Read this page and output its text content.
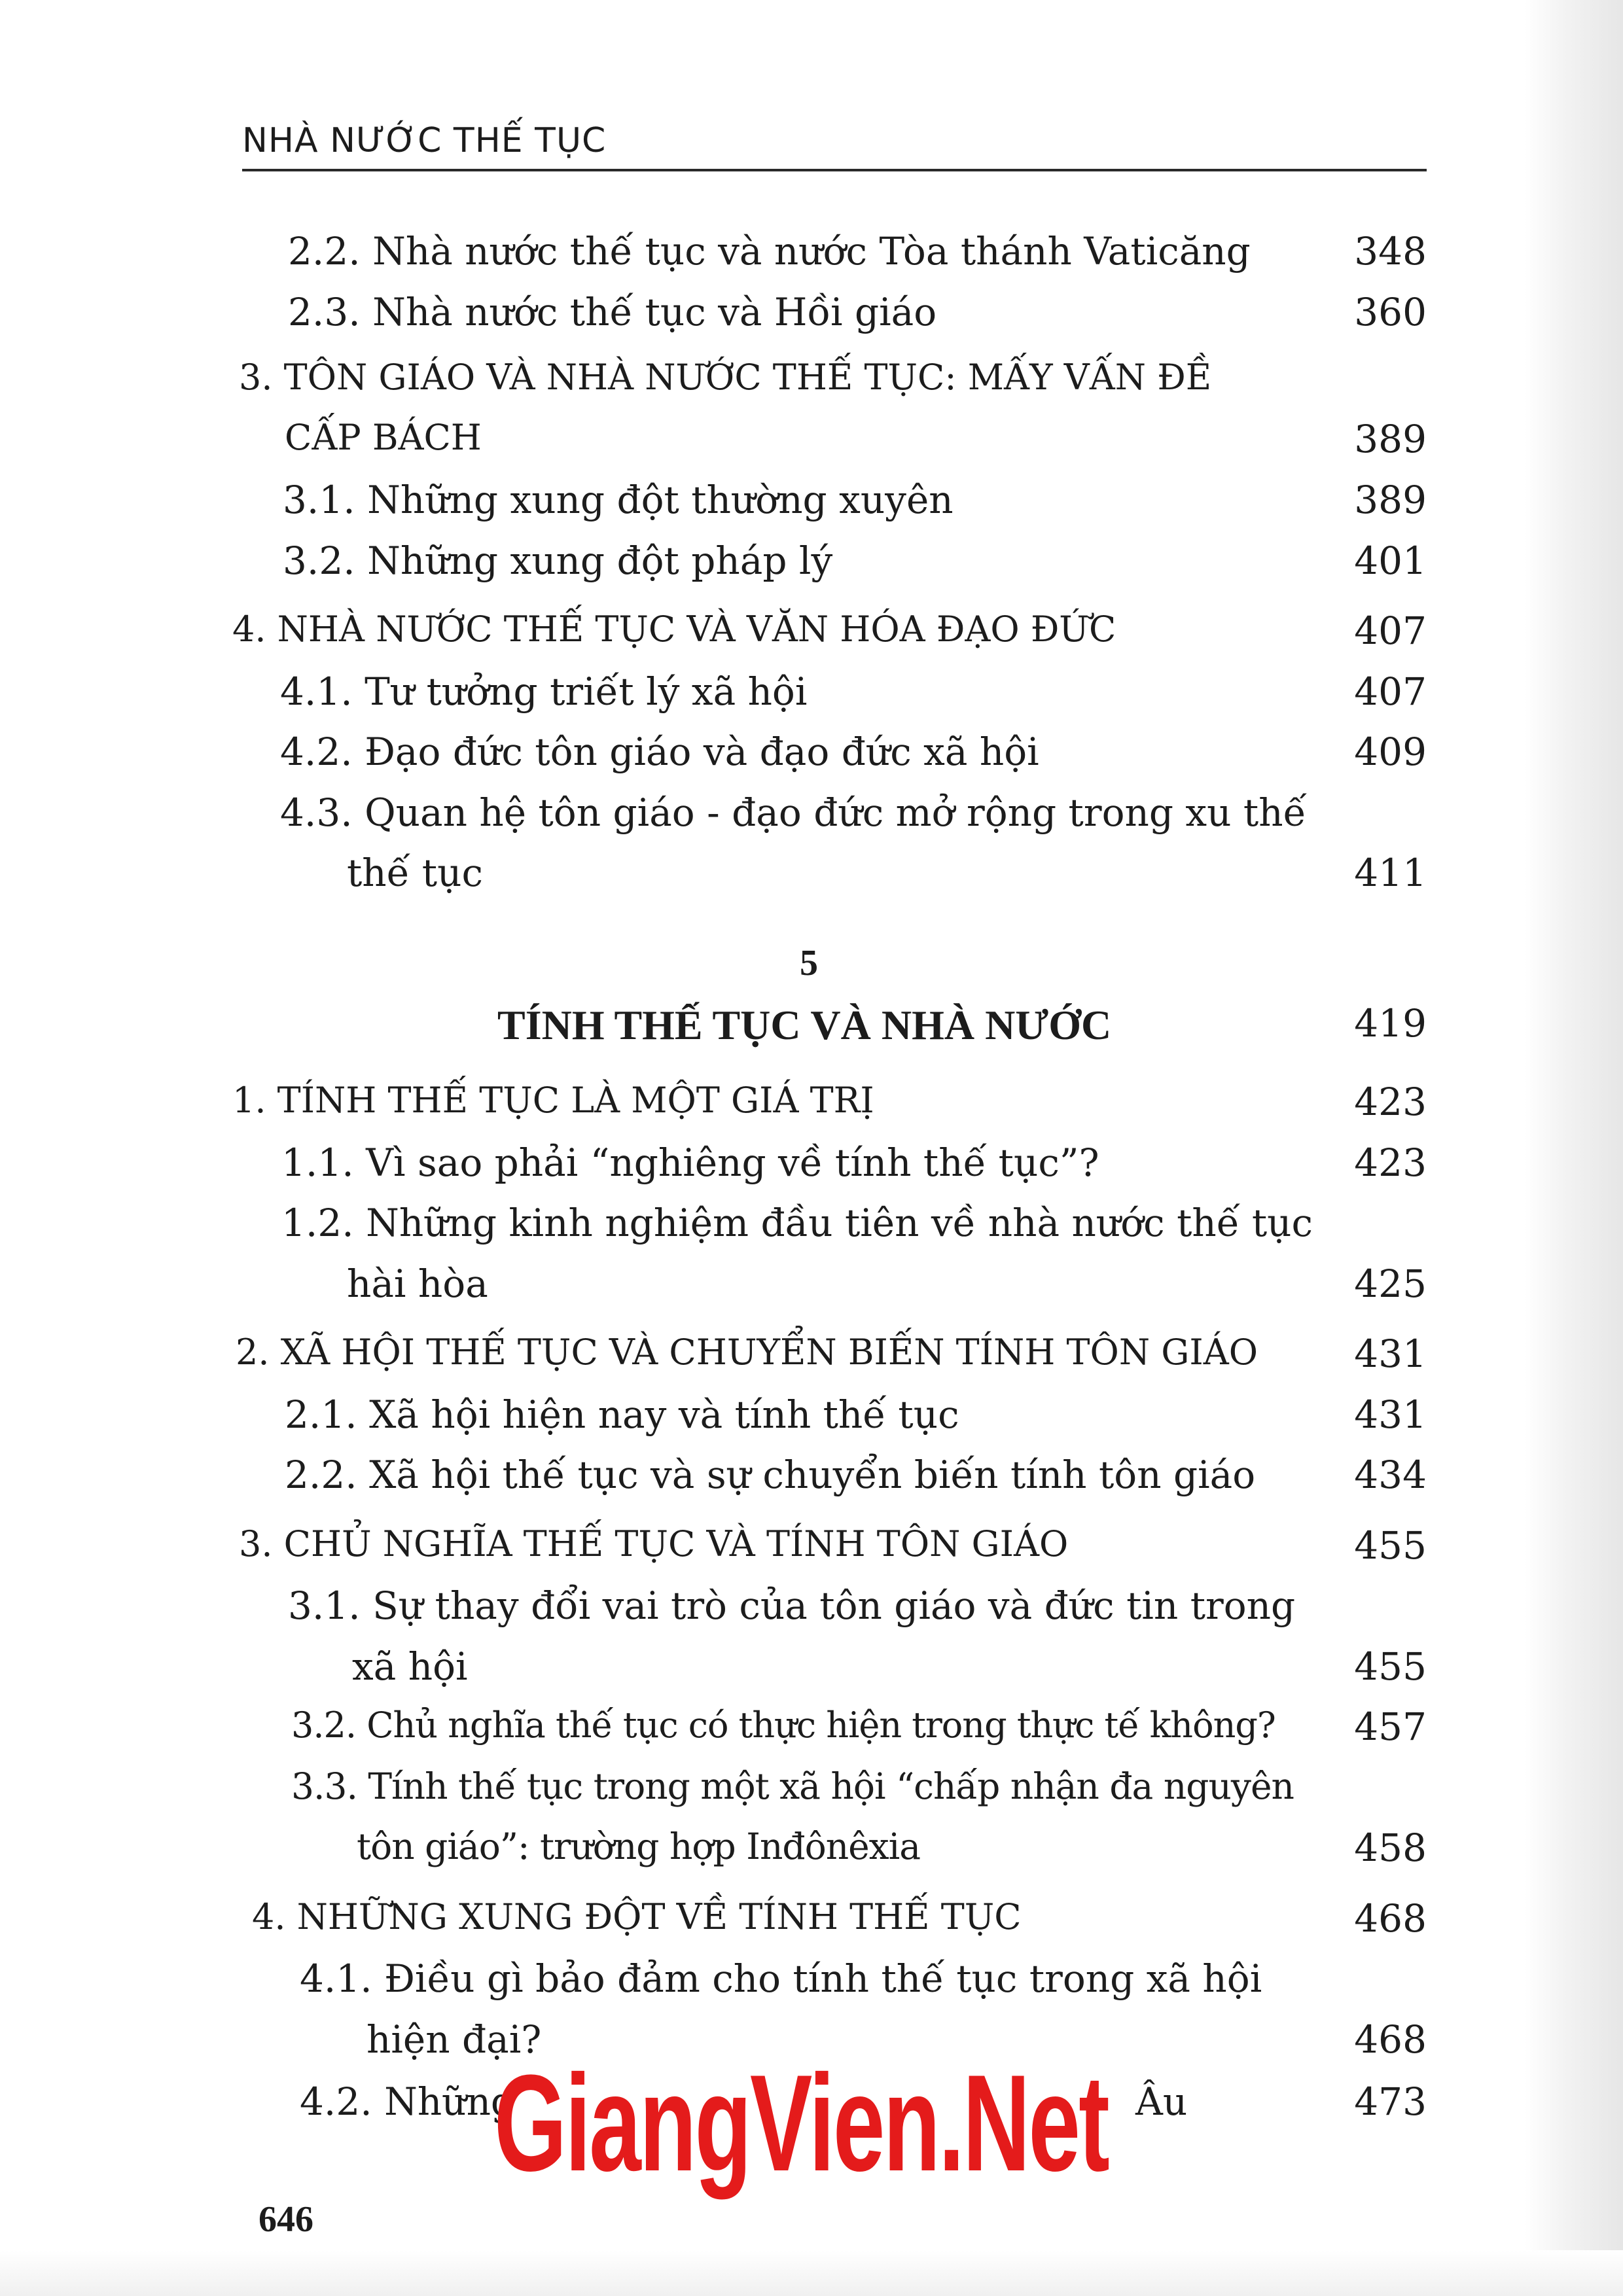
NHÀ NƯỚC THẾ TỤC
2.2. Nhà nước thế tục và nước Tòa thánh Vaticăng	348
2.3. Nhà nước thế tục và Hồi giáo	360
3. TÔN GIÁO VÀ NHÀ NƯỚC THẾ TỤC: MẤY VẤN ĐỀ
CẤP BÁCH	389
3.1. Những xung đột thường xuyên	389
3.2. Những xung đột pháp lý	401
4. NHÀ NƯỚC THẾ TỤC VÀ VĂN HÓA ĐẠO ĐỨC	407
4.1. Tư tưởng triết lý xã hội	407
4.2. Đạo đức tôn giáo và đạo đức xã hội	409
4.3. Quan hệ tôn giáo - đạo đức mở rộng trong xu thế
thế tục	411
5
TÍNH THẾ TỤC VÀ NHÀ NƯỚC	419
1. TÍNH THẾ TỤC LÀ MỘT GIÁ TRỊ	423
1.1. Vì sao phải “nghiêng về tính thế tục”?	423
1.2. Những kinh nghiệm đầu tiên về nhà nước thế tục
hài hòa	425
2. XÃ HỘI THẾ TỤC VÀ CHUYỂN BIẾN TÍNH TÔN GIÁO	431
2.1. Xã hội hiện nay và tính thế tục	431
2.2. Xã hội thế tục và sự chuyển biến tính tôn giáo	434
3. CHỦ NGHĨA THẾ TỤC VÀ TÍNH TÔN GIÁO	455
3.1. Sự thay đổi vai trò của tôn giáo và đức tin trong
xã hội	455
3.2. Chủ nghĩa thế tục có thực hiện trong thực tế không? 457
3.3. Tính thế tục trong một xã hội “chấp nhận đa nguyên
tôn giáo”: trường hợp Inđônêxia	458
4. NHỮNG XUNG ĐỘT VỀ TÍNH THẾ TỤC	468
4.1. Điều gì bảo đảm cho tính thế tục trong xã hội
hiện đại?	468
4.2. Những	Âu	473
GiangVien.Net
646
